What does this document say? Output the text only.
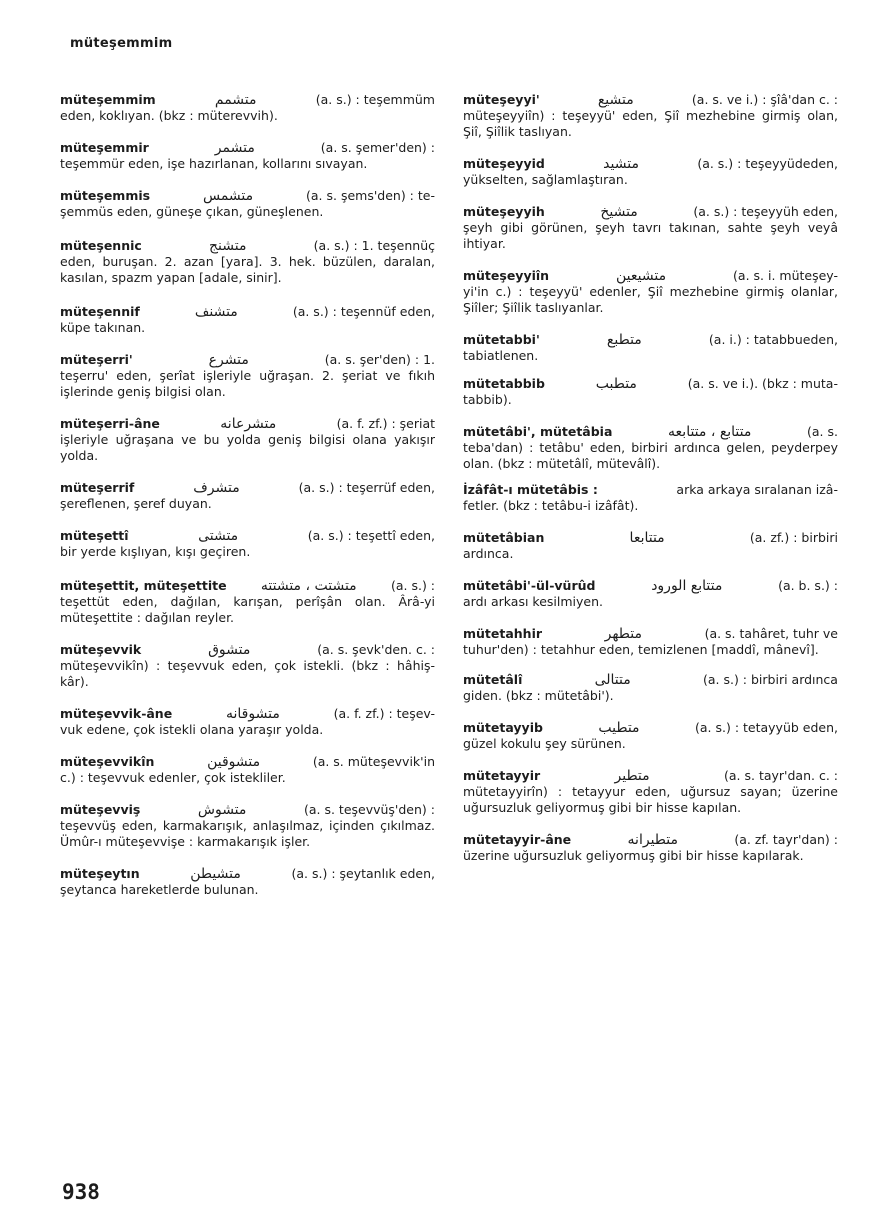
müteşemmim
müteşemmim	متشمم	(a. s.) : teşemmüm
eden, koklıyan. (bkz : müterevvih).
müteşemmir	متشمر	(a. s. şemer'den) :
teşemmür eden, işe hazırlanan, kollarını sıvayan.
müteşemmis	متشمس	(a. s. şems'den) : te-
şemmüs eden, güneşe çıkan, güneşlenen.
müteşennic	متشنج	(a. s.) : 1. teşennüç
eden, buruşan. 2. azan [yara]. 3. hek. büzülen, daralan, kasılan, spazm yapan [adale, sinir].
müteşennif	متشنف	(a. s.) : teşennüf eden,
küpe takınan.
müteşerri'	متشرع	(a. s. şer'den) : 1.
teşerru' eden, şerîat işleriyle uğraşan. 2. şeriat ve fıkıh işlerinde geniş bilgisi olan.
müteşerri-âne	متشرعانه	(a. f. zf.) : şeriat
işleriyle uğraşana ve bu yolda geniş bilgisi olana yakışır yolda.
müteşerrif	متشرف	(a. s.) : teşerrüf eden,
şereflenen, şeref duyan.
müteşettî	متشتی	(a. s.) : teşettî eden,
bir yerde kışlıyan, kışı geçiren.
müteşettit, müteşettite	متشتت ، متشتته	(a. s.) :
teşettüt eden, dağılan, karışan, perîşân olan. Ârâ-yi müteşettite : dağılan reyler.
müteşevvik	متشوق	(a. s. şevk'den. c. :
müteşevvikîn) : teşevvuk eden, çok istekli. (bkz : hâhiş-kâr).
müteşevvik-âne	متشوقانه	(a. f. zf.) : teşev-
vuk edene, çok istekli olana yaraşır yolda.
müteşevvikîn	متشوقين	(a. s. müteşevvik'in
c.) : teşevvuk edenler, çok istekliler.
müteşevviş	متشوش	(a. s. teşevvüş'den) :
teşevvüş eden, karmakarışık, anlaşılmaz, içinden çıkılmaz. Ümûr-ı müteşevvişe : karmakarışık işler.
müteşeytın	متشيطن	(a. s.) : şeytanlık eden,
şeytanca hareketlerde bulunan.
müteşeyyi'	متشيع	(a. s. ve i.) : şîâ'dan c. :
müteşeyyiîn) : teşeyyü' eden, Şiî mezhebine girmiş olan, Şiî, Şiîlik taslıyan.
müteşeyyid	متشيد	(a. s.) : teşeyyüdeden,
yükselten, sağlamlaştıran.
müteşeyyih	متشيخ	(a. s.) : teşeyyüh eden,
şeyh gibi görünen, şeyh tavrı takınan, sahte şeyh veyâ ihtiyar.
müteşeyyiîn	متشيعين	(a. s. i. müteşey-
yi'in c.) : teşeyyü' edenler, Şiî mezhebine girmiş olanlar, Şiîler; Şiîlik taslıyanlar.
mütetabbi'	متطبع	(a. i.) : tatabbueden,
tabiatlenen.
mütetabbib	متطبب	(a. s. ve i.). (bkz : muta-
tabbib).
mütetâbi', mütetâbia	متتابع ، متتابعه	(a. s.
teba'dan) : tetâbu' eden, birbiri ardınca gelen, peyderpey olan. (bkz : mütetâlî, mütevâlî).
İzâfât-ı mütetâbis :	arka arkaya sıralanan izâ-
fetler. (bkz : tetâbu-i izâfât).
mütetâbian	متتابعا	(a. zf.) : birbiri
ardınca.
mütetâbi'-ül-vürûd	متتابع الورود	(a. b. s.) :
ardı arkası kesilmiyen.
mütetahhir	متطهر	(a. s. tahâret, tuhr ve
tuhur'den) : tetahhur eden, temizlenen [maddî, mânevî].
mütetâlî	متتالی	(a. s.) : birbiri ardınca
giden. (bkz : mütetâbi').
mütetayyib	متطيب	(a. s.) : tetayyüb eden,
güzel kokulu şey sürünen.
mütetayyir	متطير	(a. s. tayr'dan. c. :
mütetayyirîn) : tetayyur eden, uğursuz sayan; üzerine uğursuzluk geliyormuş gibi bir hisse kapılan.
mütetayyir-âne	متطيرانه	(a. zf. tayr'dan) :
üzerine uğursuzluk geliyormuş gibi bir hisse kapılarak.
938
